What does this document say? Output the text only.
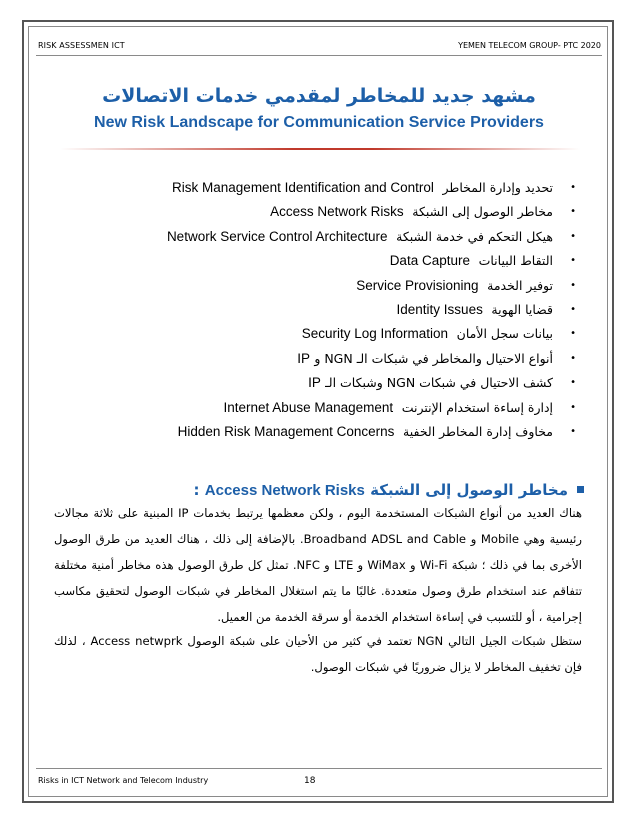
RISK ASSESSMEN ICT	YEMEN TELECOM GROUP- PTC 2020
مشهد جديد للمخاطر لمقدمي خدمات الاتصالات
New Risk Landscape for Communication Service Providers
•
تحديد وإدارة المخاطر  Risk Management Identification and Control
•
مخاطر الوصول إلى الشبكة  Access Network Risks
•
هيكل التحكم في خدمة الشبكة  Network Service Control Architecture
•
التقاط البيانات  Data Capture
•
توفير الخدمة  Service Provisioning
•
قضايا الهوية  Identity Issues
•
بيانات سجل الأمان  Security Log Information
•
أنواع الاحتيال والمخاطر في شبكات الـ NGN و IP
•
كشف الاحتيال في شبكات NGN وشبكات الـ IP
•
إدارة إساءة استخدام الإنترنت  Internet Abuse Management
•
مخاوف إدارة المخاطر الخفية  Hidden Risk Management Concerns
مخاطر الوصول إلى الشبكة Access Network Risks :

هناك العديد من أنواع الشبكات المستخدمة اليوم ، ولكن معظمها يرتبط بخدمات IP المبنية على ثلاثة مجالات رئيسية وهي Mobile و Broadband ADSL and Cable. بالإضافة إلى ذلك ، هناك العديد من طرق الوصول الأخرى بما في ذلك ؛ شبكة Wi-Fi و WiMax و LTE و NFC. تمثل كل طرق الوصول هذه مخاطر أمنية مختلفة تتفاقم عند استخدام طرق وصول متعددة. غالبًا ما يتم استغلال المخاطر في شبكات الوصول لتحقيق مكاسب إجرامية ، أو للتسبب في إساءة استخدام الخدمة أو سرقة الخدمة من العميل.

ستظل شبكات الجيل التالي NGN تعتمد في كثير من الأحيان على شبكة الوصول Access netwprk ، لذلك فإن تخفيف المخاطر لا يزال ضروريًا في شبكات الوصول.

Risks in ICT Network and Telecom Industry	18
